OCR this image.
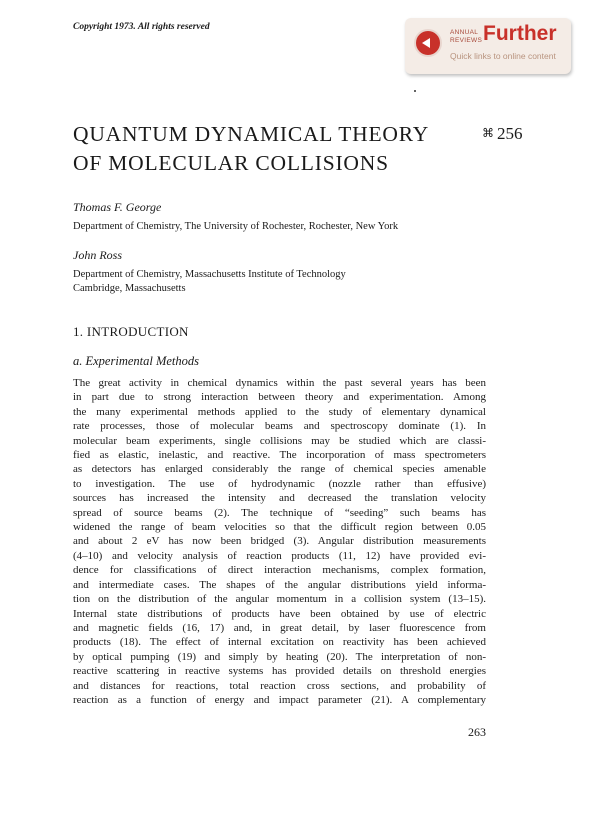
Copyright 1973. All rights reserved
ANNUAL
REVIEWS Further
Quick links to online content
QUANTUM DYNAMICAL THEORY
OF MOLECULAR COLLISIONS
⌘ 256
Thomas F. George
Department of Chemistry, The University of Rochester, Rochester, New York
John Ross
Department of Chemistry, Massachusetts Institute of Technology
Cambridge, Massachusetts
1. INTRODUCTION
a. Experimental Methods
The great activity in chemical dynamics within the past several years has been
in part due to strong interaction between theory and experimentation. Among
the many experimental methods applied to the study of elementary dynamical
rate processes, those of molecular beams and spectroscopy dominate (1). In
molecular beam experiments, single collisions may be studied which are classi-
fied as elastic, inelastic, and reactive. The incorporation of mass spectrometers
as detectors has enlarged considerably the range of chemical species amenable
to investigation. The use of hydrodynamic (nozzle rather than effusive)
sources has increased the intensity and decreased the translation velocity
spread of source beams (2). The technique of “seeding” such beams has
widened the range of beam velocities so that the difficult region between 0.05
and about 2 eV has now been bridged (3). Angular distribution measurements
(4–10) and velocity analysis of reaction products (11, 12) have provided evi-
dence for classifications of direct interaction mechanisms, complex formation,
and intermediate cases. The shapes of the angular distributions yield informa-
tion on the distribution of the angular momentum in a collision system (13–15).
Internal state distributions of products have been obtained by use of electric
and magnetic fields (16, 17) and, in great detail, by laser fluorescence from
products (18). The effect of internal excitation on reactivity has been achieved
by optical pumping (19) and simply by heating (20). The interpretation of non-
reactive scattering in reactive systems has provided details on threshold energies
and distances for reactions, total reaction cross sections, and probability of
reaction as a function of energy and impact parameter (21). A complementary
263
